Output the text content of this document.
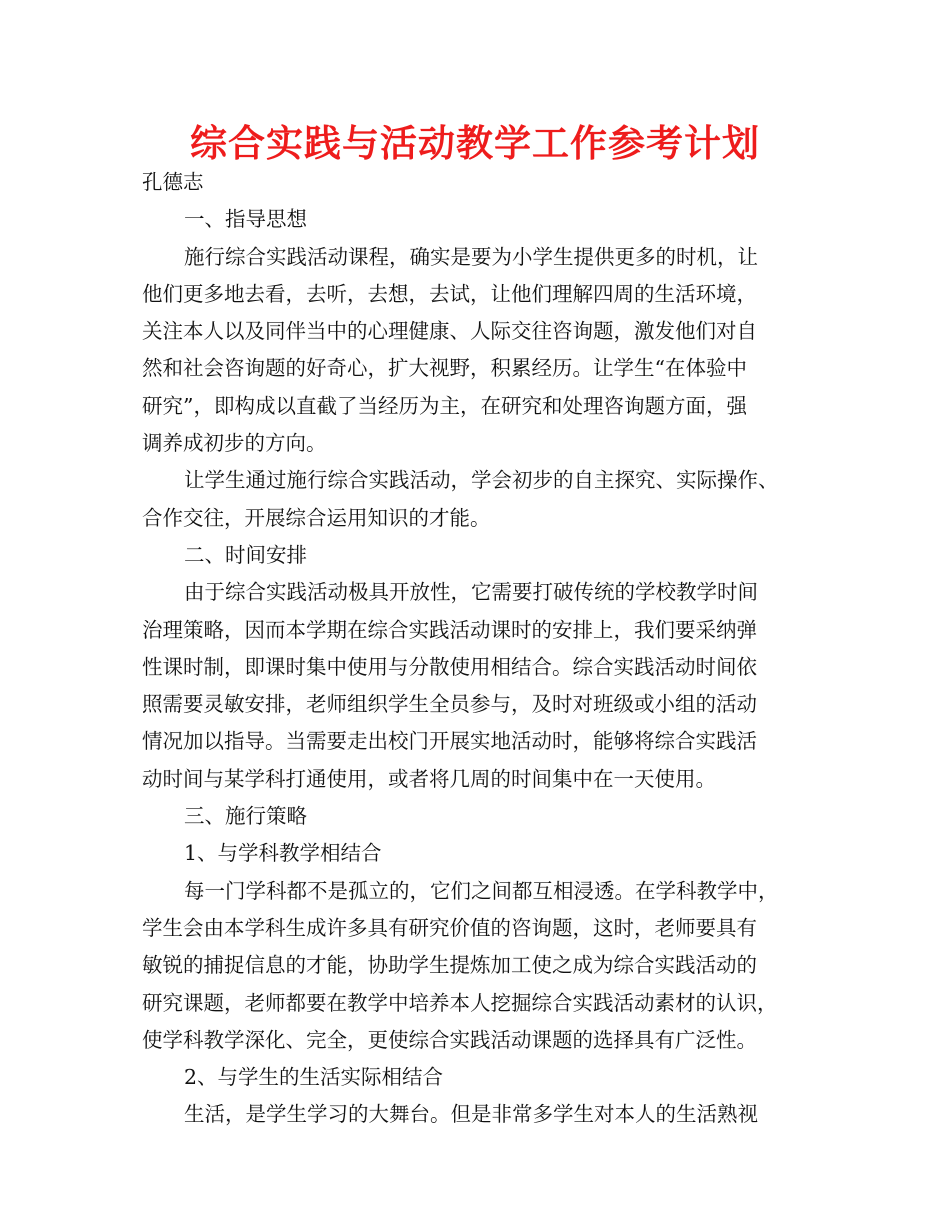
综合实践与活动教学工作参考计划
孔德志
一、指导思想
施行综合实践活动课程，确实是要为小学生提供更多的时机，让
他们更多地去看，去听，去想，去试，让他们理解四周的生活环境，
关注本人以及同伴当中的心理健康、人际交往咨询题，激发他们对自
然和社会咨询题的好奇心，扩大视野，积累经历。让学生“在体验中
研究”，即构成以直截了当经历为主，在研究和处理咨询题方面，强
调养成初步的方向。
让学生通过施行综合实践活动，学会初步的自主探究、实际操作、
合作交往，开展综合运用知识的才能。
二、时间安排
由于综合实践活动极具开放性，它需要打破传统的学校教学时间
治理策略，因而本学期在综合实践活动课时的安排上，我们要采纳弹
性课时制，即课时集中使用与分散使用相结合。综合实践活动时间依
照需要灵敏安排，老师组织学生全员参与，及时对班级或小组的活动
情况加以指导。当需要走出校门开展实地活动时，能够将综合实践活
动时间与某学科打通使用，或者将几周的时间集中在一天使用。
三、施行策略
1、与学科教学相结合
每一门学科都不是孤立的，它们之间都互相浸透。在学科教学中，
学生会由本学科生成许多具有研究价值的咨询题，这时，老师要具有
敏锐的捕捉信息的才能，协助学生提炼加工使之成为综合实践活动的
研究课题，老师都要在教学中培养本人挖掘综合实践活动素材的认识，
使学科教学深化、完全，更使综合实践活动课题的选择具有广泛性。
2、与学生的生活实际相结合
生活，是学生学习的大舞台。但是非常多学生对本人的生活熟视
